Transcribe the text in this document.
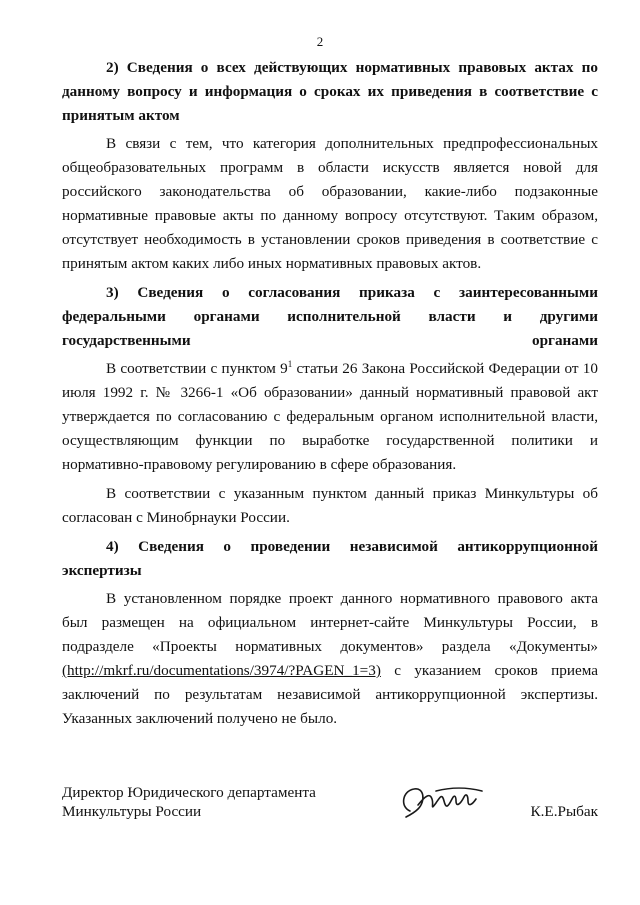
2
2) Сведения о всех действующих нормативных правовых актах по данному вопросу и информация о сроках их приведения в соответствие с принятым актом

В связи с тем, что категория дополнительных предпрофессиональных общеобразовательных программ в области искусств является новой для российского законодательства об образовании, какие-либо подзаконные нормативные правовые акты по данному вопросу отсутствуют. Таким образом, отсутствует необходимость в установлении сроков приведения в соответствие с принятым актом каких либо иных нормативных правовых актов.

3) Сведения о согласования приказа с заинтересованными федеральными органами исполнительной власти и другими государственными органами

В соответствии с пунктом $9^1$ статьи 26 Закона Российской Федерации от 10 июля 1992 г. № 3266-1 «Об образовании» данный нормативный правовой акт утверждается по согласованию с федеральным органом исполнительной власти, осуществляющим функции по выработке государственной политики и нормативно-правовому регулированию в сфере образования.

В соответствии с указанным пунктом данный приказ Минкультуры об согласован с Минобрнауки России.

4) Сведения о проведении независимой антикоррупционной экспертизы

В установленном порядке проект данного нормативного правового акта был размещен на официальном интернет-сайте Минкультуры России, в подразделе «Проекты нормативных документов» раздела «Документы» (http://mkrf.ru/documentations/3974/?PAGEN_1=3) с указанием сроков приема заключений по результатам независимой антикоррупционной экспертизы. Указанных заключений получено не было.

Директор Юридического департамента
Минкультуры России	К.Е.Рыбак
